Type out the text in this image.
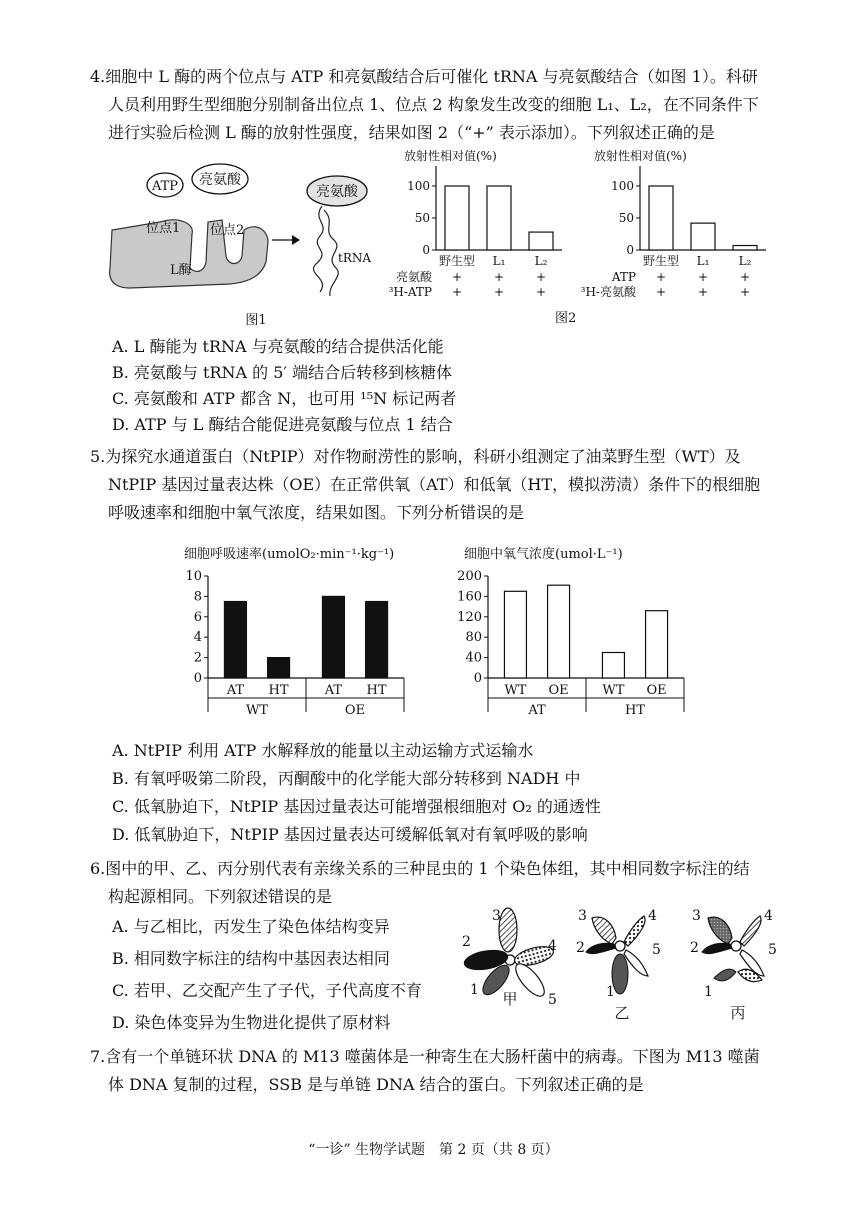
4.细胞中 L 酶的两个位点与 ATP 和亮氨酸结合后可催化 tRNA 与亮氨酸结合（如图 1）。科研
人员利用野生型细胞分别制备出位点 1、位点 2 构象发生改变的细胞 L₁、L₂，在不同条件下
进行实验后检测 L 酶的放射性强度，结果如图 2（“+” 表示添加）。下列叙述正确的是
ATP 亮氨酸
位点1 位点2
L酶
亮氨酸
tRNA
图1
放射性相对值(%)
0
50
100
野生型
+
+
L₁
+
+
L₂
+
+
亮氨酸
³H-ATP
放射性相对值(%)
0
50
100
野生型
+
+
L₁
+
+
L₂
+
+
ATP
³H-亮氨酸
图2
A. L 酶能为 tRNA 与亮氨酸的结合提供活化能
B. 亮氨酸与 tRNA 的 5′ 端结合后转移到核糖体
C. 亮氨酸和 ATP 都含 N，也可用 ¹⁵N 标记两者
D. ATP 与 L 酶结合能促进亮氨酸与位点 1 结合
5.为探究水通道蛋白（NtPIP）对作物耐涝性的影响，科研小组测定了油菜野生型（WT）及
NtPIP 基因过量表达株（OE）在正常供氧（AT）和低氧（HT，模拟涝渍）条件下的根细胞
呼吸速率和细胞中氧气浓度，结果如图。下列分析错误的是
细胞呼吸速率(umolO₂·min⁻¹·kg⁻¹)
0
2
4
6
8
10
AT HT	AT HT
WT	OE
细胞中氧气浓度(umol·L⁻¹)
0
40
80
120
160
200
WT OE	WT OE
AT	HT
A. NtPIP 利用 ATP 水解释放的能量以主动运输方式运输水
B. 有氧呼吸第二阶段，丙酮酸中的化学能大部分转移到 NADH 中
C. 低氧胁迫下，NtPIP 基因过量表达可能增强根细胞对 O₂ 的通透性
D. 低氧胁迫下，NtPIP 基因过量表达可缓解低氧对有氧呼吸的影响
6.图中的甲、乙、丙分别代表有亲缘关系的三种昆虫的 1 个染色体组，其中相同数字标注的结
构起源相同。下列叙述错误的是
A. 与乙相比，丙发生了染色体结构变异
B. 相同数字标注的结构中基因表达相同
C. 若甲、乙交配产生了子代，子代高度不育
D. 染色体变异为生物进化提供了原材料
3
2	4
1
5
甲
3
2
4
5
1
乙
3
2
4
5
1
丙
7.含有一个单链环状 DNA 的 M13 噬菌体是一种寄生在大肠杆菌中的病毒。下图为 M13 噬菌
体 DNA 复制的过程，SSB 是与单链 DNA 结合的蛋白。下列叙述正确的是
“一诊” 生物学试题　第 2 页（共 8 页）
